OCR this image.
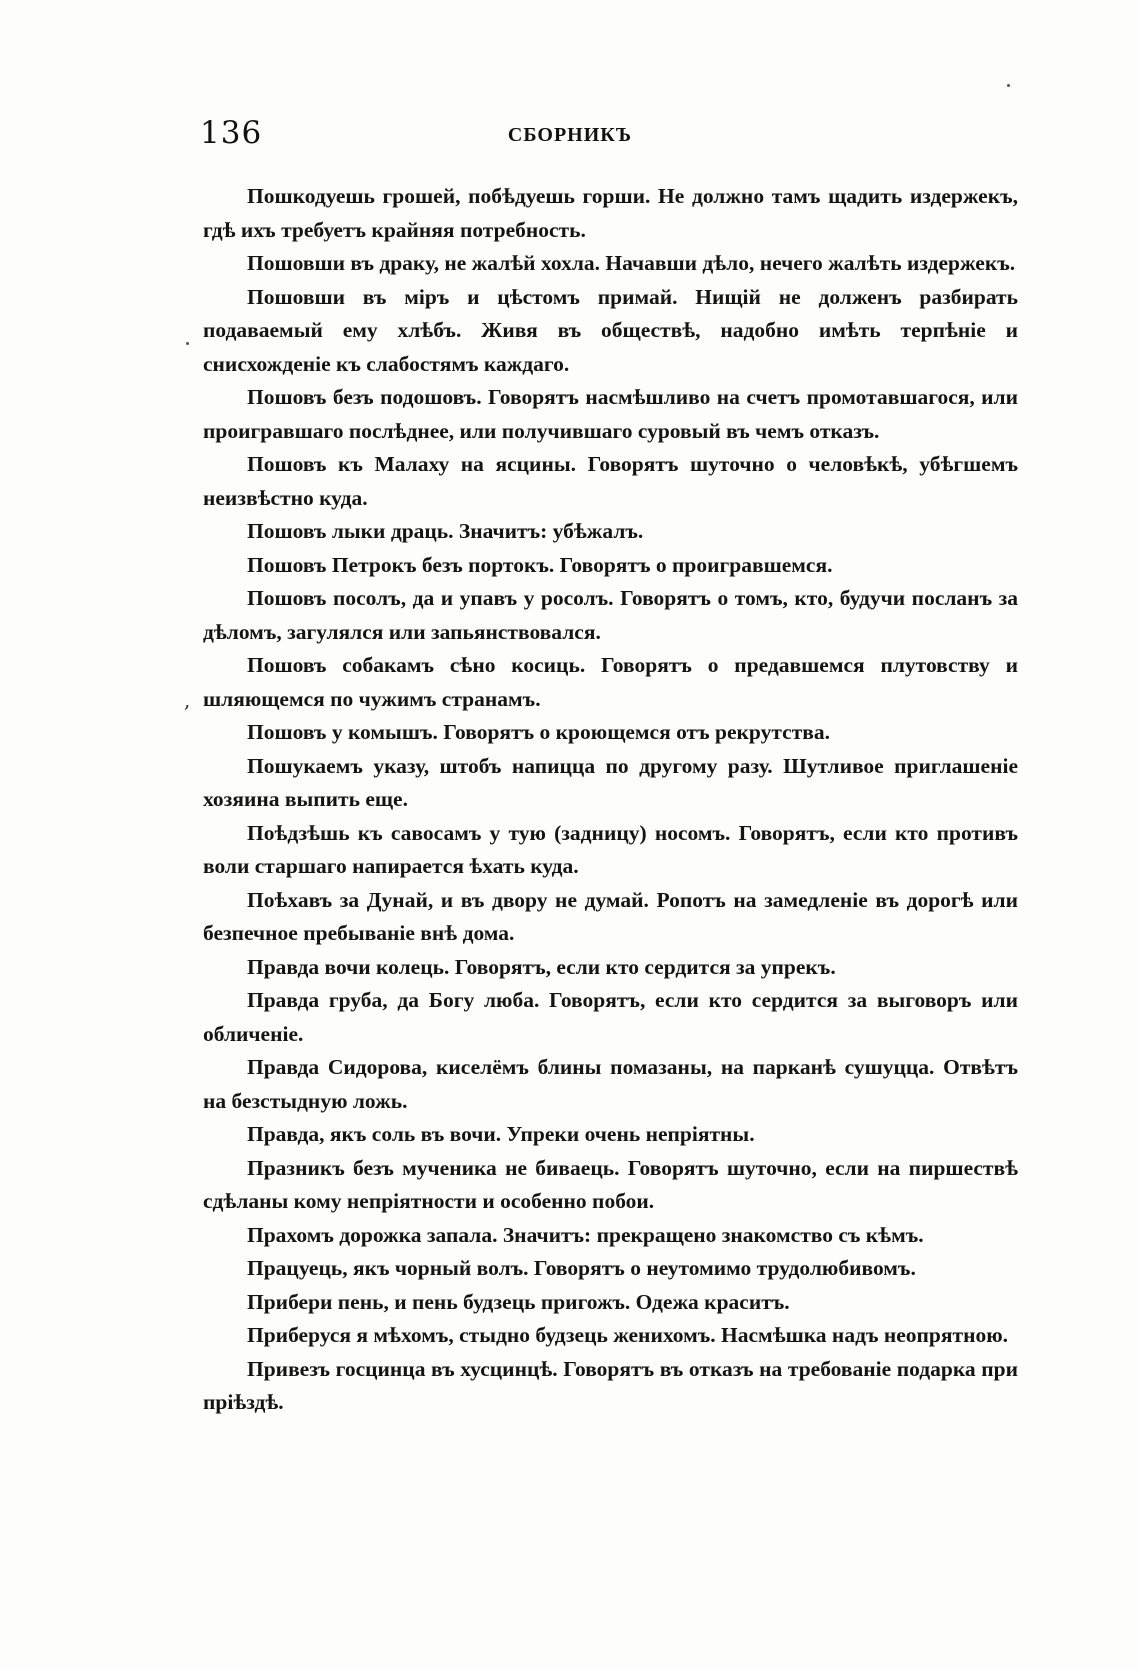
136	СБОРНИКЪ
,

Пошкодуешь грошей, побѣдуешь горши. Не должно тамъ щадить издержекъ, гдѣ ихъ требуетъ крайняя потребность.

Пошовши въ драку, не жалѣй хохла. Начавши дѣло, нечего жалѣть издержекъ.

Пошовши въ міръ и цѣстомъ примай. Нищій не долженъ разбирать подаваемый ему хлѣбъ. Живя въ обществѣ, надобно имѣть терпѣніе и снисхожденіе къ слабостямъ каждаго.

Пошовъ безъ подошовъ. Говорятъ насмѣшливо на счетъ промотавшагося, или проигравшаго послѣднее, или получившаго суровый въ чемъ отказъ.

Пошовъ къ Малаху на ясцины. Говорятъ шуточно о человѣкѣ, убѣгшемъ неизвѣстно куда.

Пошовъ лыки драць. Значитъ: убѣжалъ.

Пошовъ Петрокъ безъ портокъ. Говорятъ о проигравшемся.

Пошовъ посолъ, да и упавъ у росолъ. Говорятъ о томъ, кто, будучи посланъ за дѣломъ, загулялся или запьянствовался.

Пошовъ собакамъ сѣно косиць. Говорятъ о предавшемся плутовству и шляющемся по чужимъ странамъ.

Пошовъ у комышъ. Говорятъ о кроющемся отъ рекрутства.

Пошукаемъ указу, штобъ напиццa по другому разу. Шутливое приглашеніе хозяина выпить еще.

Поѣдзѣшь къ савосамъ у тую (задницу) носомъ. Говорятъ, если кто противъ воли старшаго напирается ѣхать куда.

Поѣхавъ за Дунай, и въ двору не думай. Ропотъ на замедленіе въ дорогѣ или безпечное пребываніе внѣ дома.

Правда вочи колець. Говорятъ, если кто сердится за упрекъ.

Правда груба, да Богу люба. Говорятъ, если кто сердится за выговоръ или обличеніе.

Правда Сидорова, киселёмъ блины помазаны, на парканѣ сушуцца. Отвѣтъ на безстыдную ложь.

Правда, якъ соль въ вочи. Упреки очень непріятны.

Празникъ безъ мученика не биваець. Говорятъ шуточно, если на пиршествѣ сдѣланы кому непріятности и особенно побои.

Прахомъ дорожка запала. Значитъ: прекращено знакомство съ кѣмъ.

Працуець, якъ чорный волъ. Говорятъ о неутомимо трудолюбивомъ.

Прибери пень, и пень будзець пригожъ. Одежа краситъ.

Приберуся я мѣхомъ, стыдно будзець женихомъ. Насмѣшка надъ неопрятною.

Привезъ госцинца въ хусцинцѣ. Говорятъ въ отказъ на требованіе подарка при пріѣздѣ.
